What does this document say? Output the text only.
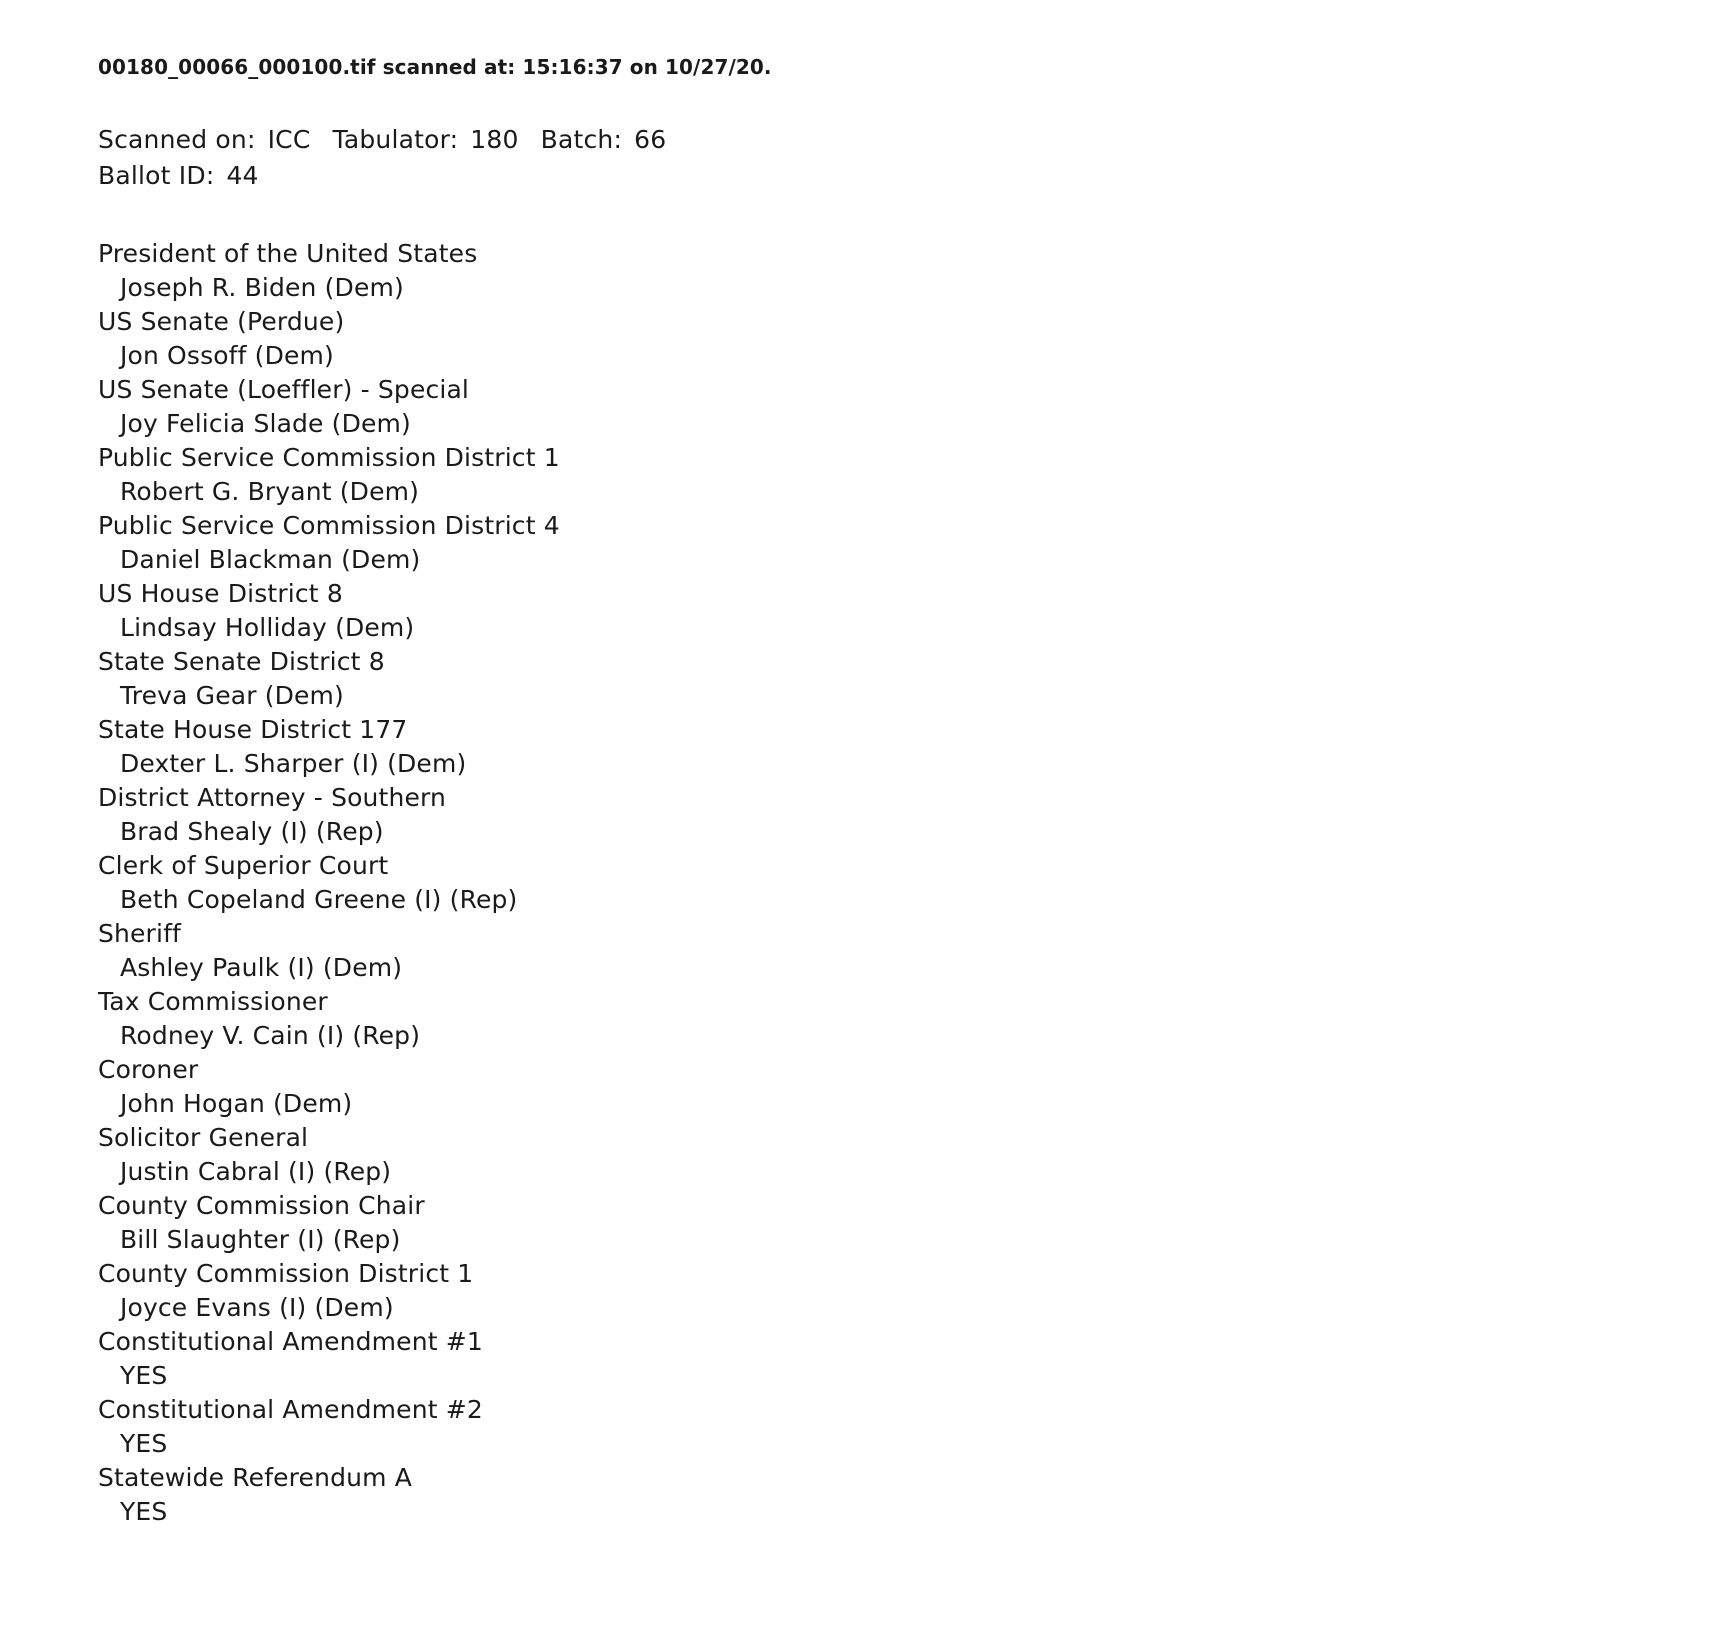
00180_00066_000100.tif scanned at: 15:16:37 on 10/27/20.
Scanned on: ICC Tabulator: 180 Batch: 66
Ballot ID: 44
President of the United States
Joseph R. Biden (Dem)
US Senate (Perdue)
Jon Ossoff (Dem)
US Senate (Loeffler) - Special
Joy Felicia Slade (Dem)
Public Service Commission District 1
Robert G. Bryant (Dem)
Public Service Commission District 4
Daniel Blackman (Dem)
US House District 8
Lindsay Holliday (Dem)
State Senate District 8
Treva Gear (Dem)
State House District 177
Dexter L. Sharper (I) (Dem)
District Attorney - Southern
Brad Shealy (I) (Rep)
Clerk of Superior Court
Beth Copeland Greene (I) (Rep)
Sheriff
Ashley Paulk (I) (Dem)
Tax Commissioner
Rodney V. Cain (I) (Rep)
Coroner
John Hogan (Dem)
Solicitor General
Justin Cabral (I) (Rep)
County Commission Chair
Bill Slaughter (I) (Rep)
County Commission District 1
Joyce Evans (I) (Dem)
Constitutional Amendment #1
YES
Constitutional Amendment #2
YES
Statewide Referendum A
YES
